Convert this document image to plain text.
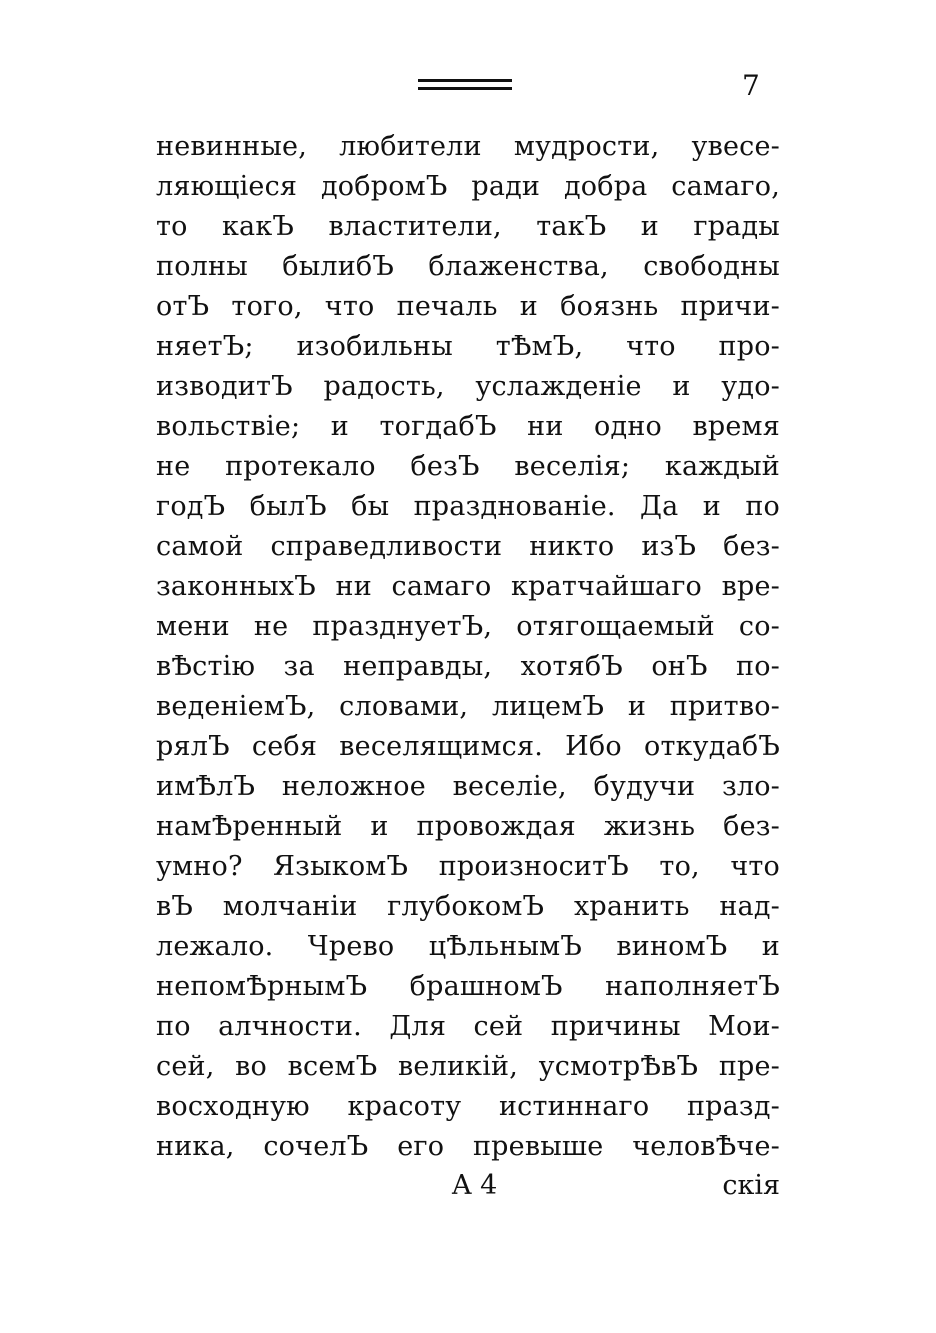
7
невинные, любители мудрости, увесе-
ляющіеся добромЪ ради добра самаго,
то какЪ властители, такЪ и грады
полны былибЪ блаженства, свободны
отЪ того, что печаль и боязнь причи-
няетЪ; изобильны тѢмЪ, что про-
изводитЪ радость, услажденіе и удо-
вольствіе; и тогдабЪ ни одно время
не протекало безЪ веселія; каждый
годЪ былЪ бы празднованіе. Да и по
самой справедливости никто изЪ без-
законныхЪ ни самаго кратчайшаго вре-
мени не празднуетЪ, отягощаемый со-
вѢстію за неправды, хотябЪ онЪ по-
веденіемЪ, словами, лицемЪ и притво-
рялЪ себя веселящимся. Ибо откудабЪ
имѢлЪ неложное веселіе, будучи зло-
намѢренный и провождая жизнь без-
умно? ЯзыкомЪ произноситЪ то, что
вЪ молчаніи глубокомЪ хранить над-
лежало. Чрево цѢльнымЪ виномЪ и
непомѢрнымЪ брашномЪ наполняетЪ
по алчности. Для сей причины Мои-
сей, во всемЪ великій, усмотрѢвЪ пре-
восходную красоту истиннаго празд-
ника, сочелЪ его превыше человѢче-
A 4	скія
